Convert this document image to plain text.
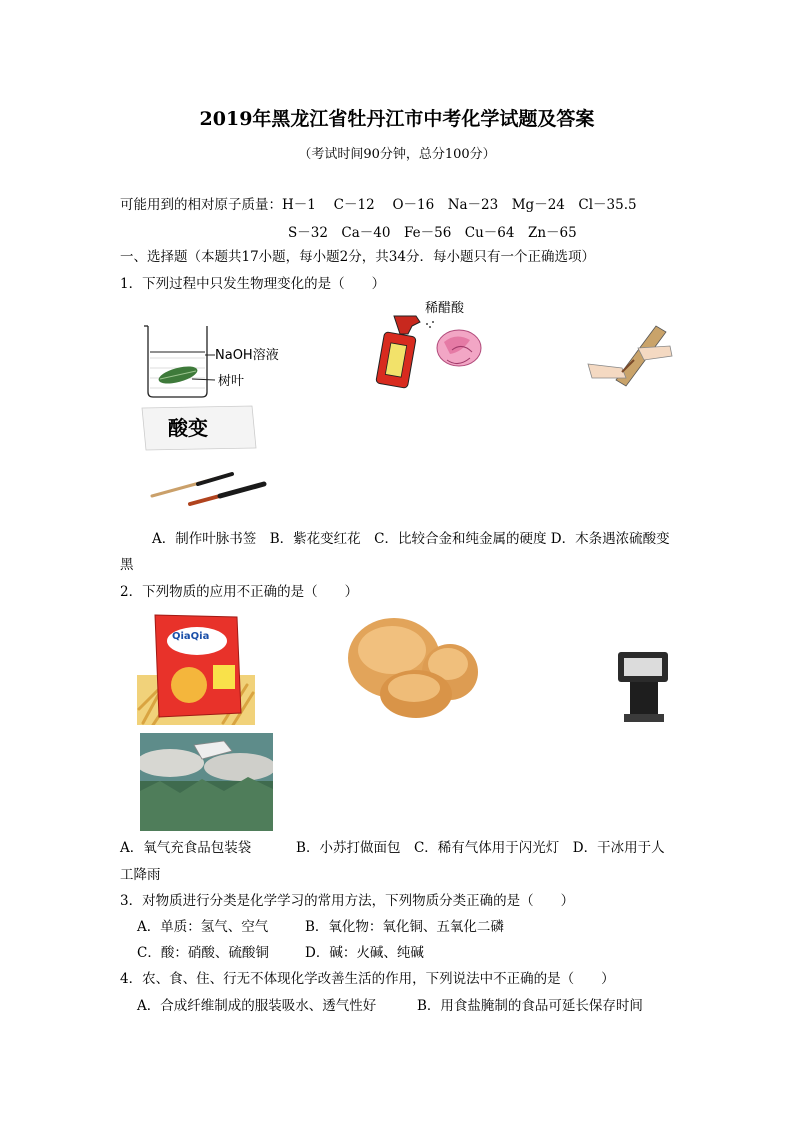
2019年黑龙江省牡丹江市中考化学试题及答案
（考试时间90分钟，总分100分）
可能用到的相对原子质量：H－1　 C－12　 O－16　Na－23　Mg－24　Cl－35.5
S－32　Ca－40　Fe－56　Cu－64　Zn－65
一、选择题（本题共17小题，每小题2分，共34分．每小题只有一个正确选项）
1．下列过程中只发生物理变化的是（　　）
NaOH溶液
树叶
稀醋酸
酸变
A．制作叶脉书签　B．紫花变红花　C．比较合金和纯金属的硬度 D．木条遇浓硫酸变
黑
2．下列物质的应用不正确的是（　　）
QiaQia
A．氧气充食品包装袋　　　 B．小苏打做面包　C．稀有气体用于闪光灯　D．干冰用于人
工降雨
3．对物质进行分类是化学学习的常用方法，下列物质分类正确的是（　　）
A．单质：氢气、空气	B．氧化物：氧化铜、五氧化二磷
C．酸：硝酸、硫酸铜	D．碱：火碱、纯碱
4．农、食、住、行无不体现化学改善生活的作用，下列说法中不正确的是（　　）
A．合成纤维制成的服装吸水、透气性好	B．用食盐腌制的食品可延长保存时间
